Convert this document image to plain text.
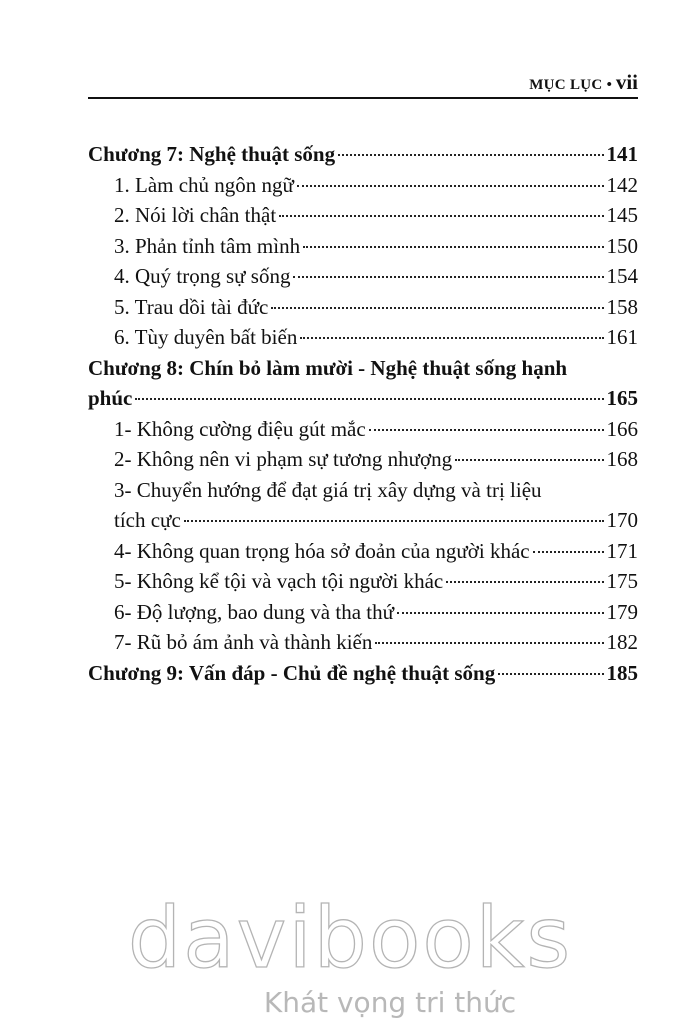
MỤC LỤC • vii
Chương 7: Nghệ thuật sống	141
1. Làm chủ ngôn ngữ	142
2. Nói lời chân thật	145
3. Phản tỉnh tâm mình	150
4. Quý trọng sự sống	154
5. Trau dồi tài đức	158
6. Tùy duyên bất biến	161
Chương 8: Chín bỏ làm mười - Nghệ thuật sống hạnh
phúc	165
1- Không cường điệu gút mắc	166
2- Không nên vi phạm sự tương nhượng	168
3- Chuyển hướng để đạt giá trị xây dựng và trị liệu
tích cực	170
4- Không quan trọng hóa sở đoản của người khác	171
5- Không kể tội và vạch tội người khác	175
6- Độ lượng, bao dung và tha thứ	179
7- Rũ bỏ ám ảnh và thành kiến	182
Chương 9: Vấn đáp - Chủ đề nghệ thuật sống	185
davibooks
Khát vọng tri thức
